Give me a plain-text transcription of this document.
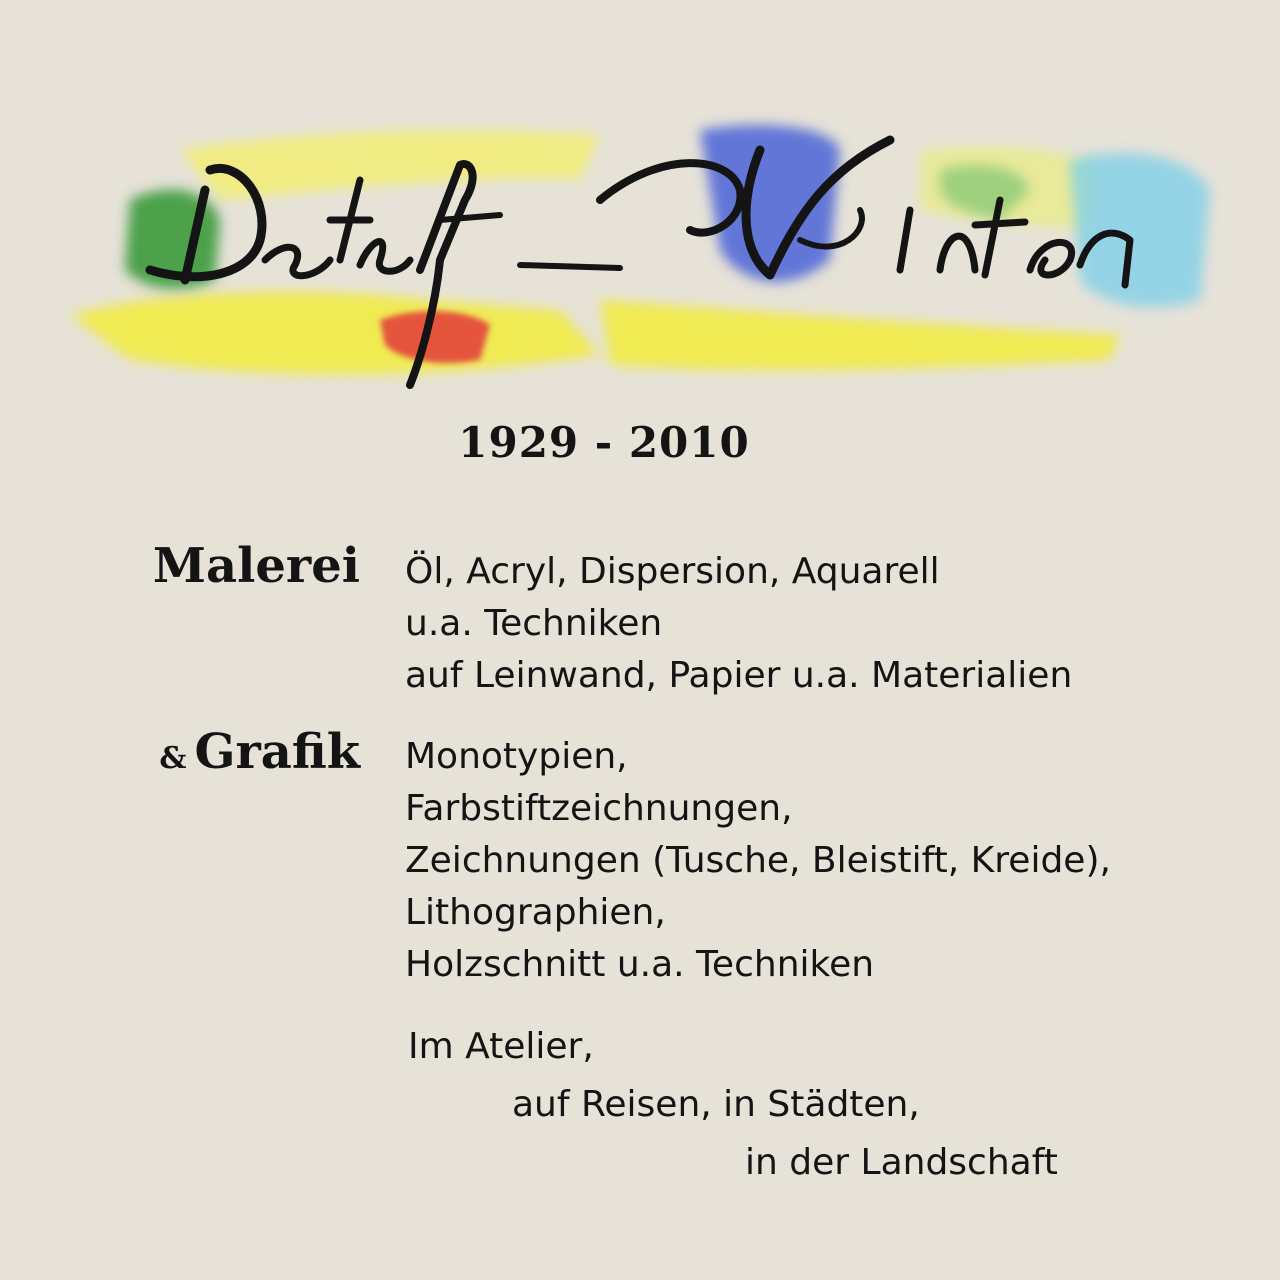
1929 - 2010
Malerei Öl, Acryl, Dispersion, Aquarell
u.a. Techniken
auf Leinwand, Papier u.a. Materialien
& Grafik Monotypien,
Farbstiftzeichnungen,
Zeichnungen (Tusche, Bleistift, Kreide),
Lithographien,
Holzschnitt u.a. Techniken
Im Atelier,
auf Reisen, in Städten,
in der Landschaft
